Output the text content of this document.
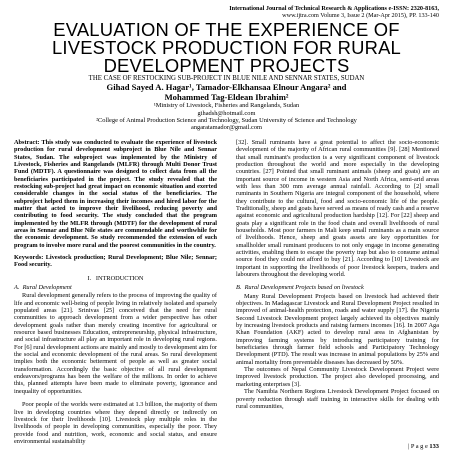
International Journal of Technical Research & Applications e-ISSN: 2320-8163,
www.ijtra.com Volume 3, Issue 2 (Mar-Apr 2015), PP. 133-140
EVALUATION OF THE EXPERIENCE OF LIVESTOCK PRODUCTION FOR RURAL DEVELOPMENT PROJECTS
THE CASE OF RESTOCKING SUB-PROJECT IN BLUE NILE AND SENNAR STATES, SUDAN
Gihad Sayed A. Hagar¹, Tamador-Elkhansaa Elnour Angara² and
Mohammed Tag-Eldean Ibrahim²
¹Ministry of Livestock, Fisheries and Rangelands, Sudan
gihadsh@hotmail.com
²College of Animal Production Science and Technology, Sudan University of Science and Technology
angaratamador@gmail.com

Abstract: This study was conducted to evaluate the experience of livestock production for rural development subproject in Blue Nile and Sennar States, Sudan. The subproject was implemented by the Ministry of Livestock, Fisheries and Rangelands (MLFR) through Multi Donor Trust Fund (MDTF). A questionnaire was designed to collect data from all the beneficiaries participated in the project. The study revealed that the restocking sub-project had great impact on economic situation and exerted considerable changes in the social status of the beneficiaries. The subproject helped them in increasing their incomes and hired labor for the matter that acted to improve their livelihood, reducing poverty and contributing to food security. The study concluded that the program implemented by the MLFR through (MDTF) for the development of rural areas in Sennar and Blue Nile states are commendable and worthwhile for the economic development. So study recommended the extension of such program to involve more rural and the poorest communities in the country.

Keywords: Livestock production; Rural Development; Blue Nile; Sennar; Food security.

I.   INTRODUCTION

A.  Rural Development

Rural development generally refers to the process of improving the quality of life and economic well-being of people living in relatively isolated and sparsely populated areas [21]. Srinivas [25] conceived that the need for rural communities to approach development from a wider perspective has other development goals rather than merely creating incentive for agricultural or resource based businesses Education, entrepreneurship, physical infrastructure, and social infrastructure all play an important role in developing rural regions. For [6] rural development actions are mainly and mostly to development aim for the social and economic development of the rural areas. So rural development implies both the economic betterment of people as well as greater social transformation. Accordingly the basic objective of all rural development endeavors/programs has been the welfare of the millions. In order to achieve this, planned attempts have been made to eliminate poverty, ignorance and inequality of opportunities.

Poor people of the worlds were estimated at 1.3 billion, the majority of them live in developing countries where they depend directly or indirectly on livestock for their livelihoods [10]. Livestock play multiple roles in the livelihoods of people in developing communities, especially the poor. They provide food and nutrition, work, economic and social status, and ensure environmental sustainability

[32]. Small ruminants have a great potential to affect the socio-economic development of the majority of African rural communities [9]. [28] Mentioned that small ruminant's production is a very significant component of livestock production throughout the world and more especially in the developing countries. [27] Pointed that small ruminant animals (sheep and goats) are an important source of income in western Asia and North Africa, semi-arid areas with less than 300 mm average annual rainfall. According to [2] small ruminants in Southern Nigeria are integral component of the household, where they contribute to the cultural, food and socio-economic life of the people. Traditionally, sheep and goats have served as means of ready cash and a reserve against economic and agricultural production hardship [12]. For [22] sheep and goats play a significant role in the food chain and overall livelihoods of rural households. Most poor farmers in Mali keep small ruminants as a main source of livelihoods. Hence, sheep and goats assets are key opportunities for smallholder small ruminant producers to not only engage in income generating activities, enabling them to escape the poverty trap but also to consume animal source food they could not afford to buy [21]. According to [10] Livestock are important in supporting the livelihoods of poor livestock keepers, traders and labourers throughout the developing world.

B.  Rural Development Projects based on livestock

Many Rural Development Projects based on livestock had achieved their objectives. In Madagascar Livestock and Rural Development Project resulted in improved of animal-health protection, roads and water supply [17]. the Nigeria Second Livestock Development project largely achieved its objectives mainly by increasing livestock products and raising farmers incomes [16]. In 2007 Aga Khan Foundation (AKF) acted to develop rural area in Afghanistan by improving farming systems by introducing participatory training for beneficiaries through farmer field schools and Participatory Technology Development (PTD). The result was increase in animal populations by 25% and animal mortality from preventable diseases has decreased by 50%.

The outcomes of Nepal Community Livestock Development Project were improved livestock production. The project also developed processing, and marketing enterprises [3].

The Namibia Northern Regions Livestock Development Project focused on poverty reduction through staff training in interactive skills for dealing with rural communities,

| P a g e 133
